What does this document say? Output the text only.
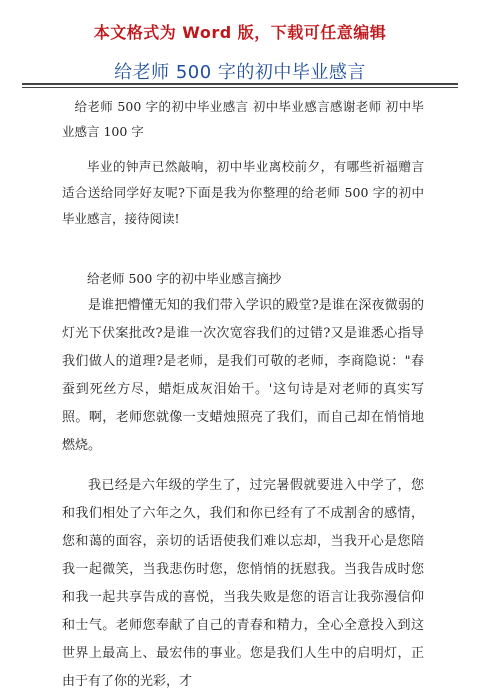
本文格式为 Word 版，下载可任意编辑
给老师 500 字的初中毕业感言

给老师 500 字的初中毕业感言 初中毕业感言感谢老师 初中毕业感言 100 字

毕业的钟声已然敲响，初中毕业离校前夕，有哪些祈福赠言适合送给同学好友呢?下面是我为你整理的给老师 500 字的初中毕业感言，接待阅读!

给老师 500 字的初中毕业感言摘抄

是谁把懵懂无知的我们带入学识的殿堂?是谁在深夜微弱的灯光下伏案批改?是谁一次次宽容我们的过错?又是谁悉心指导我们做人的道理?是老师，是我们可敬的老师，李商隐说："春蚕到死丝方尽，蜡炬成灰泪始干。'这句诗是对老师的真实写照。啊，老师您就像一支蜡烛照亮了我们，而自己却在悄悄地燃烧。

我已经是六年级的学生了，过完暑假就要进入中学了，您和我们相处了六年之久，我们和你已经有了不成割舍的感情，您和蔼的面容，亲切的话语使我们难以忘却，当我开心是您陪我一起微笑，当我悲伤时您，您悄悄的抚慰我。当我告成时您和我一起共享告成的喜悦，当我失败是您的语言让我弥漫信仰和士气。老师您奉献了自己的青春和精力，全心全意投入到这世界上最高上、最宏伟的事业。您是我们人生中的启明灯，正由于有了你的光彩，才

·
